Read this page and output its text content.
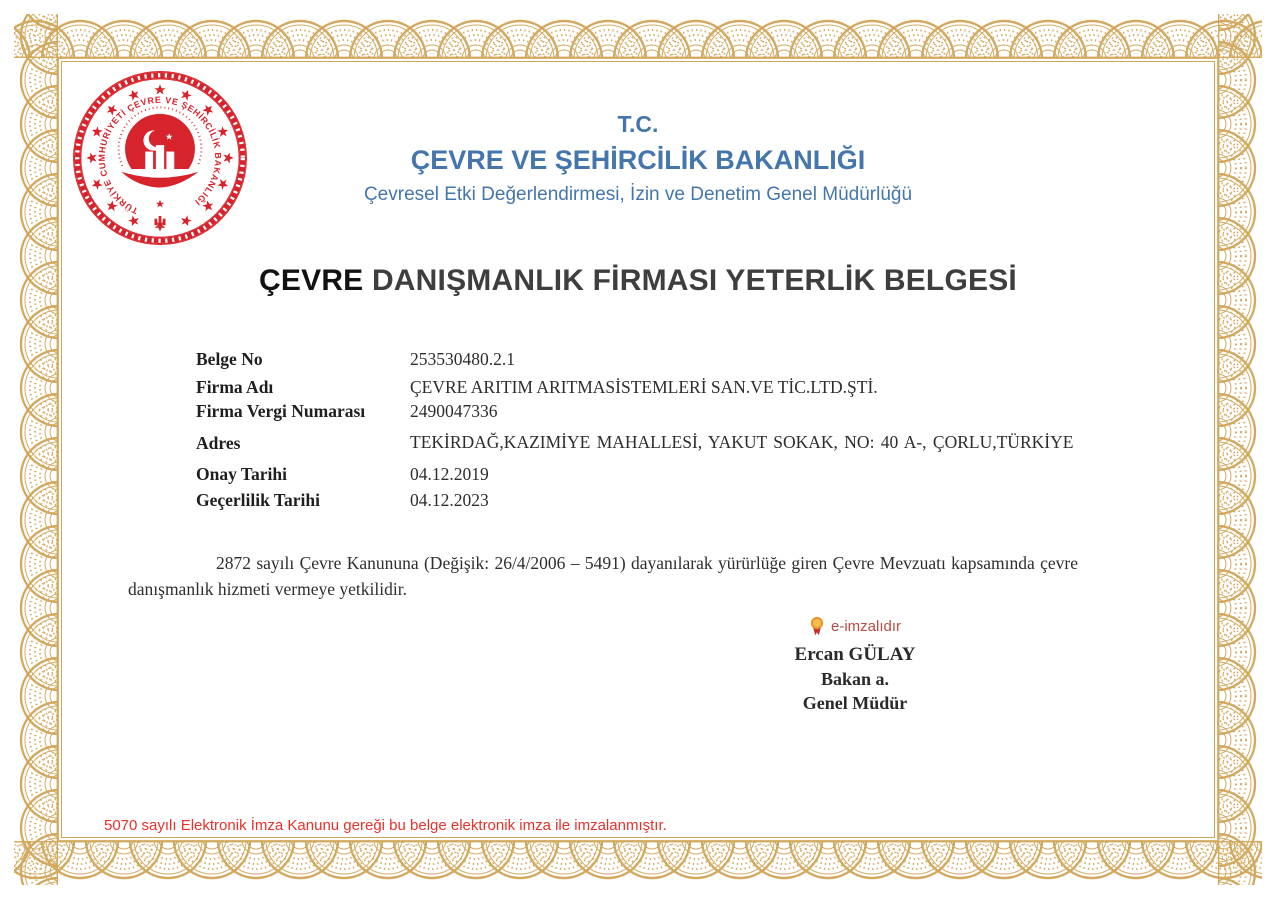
TÜRKİYE CUMHURİYETİ ÇEVRE VE ŞEHİRCİLİK BAKANLIĞI
T.C.
ÇEVRE VE ŞEHİRCİLİK BAKANLIĞI
Çevresel Etki Değerlendirmesi, İzin ve Denetim Genel Müdürlüğü
ÇEVRE DANIŞMANLIK FİRMASI YETERLİK BELGESİ
Belge No	253530480.2.1
Firma Adı	ÇEVRE ARITIM ARITMASİSTEMLERİ SAN.VE TİC.LTD.ŞTİ.
Firma Vergi Numarası	2490047336
Adres	TEKİRDAĞ,KAZIMİYE MAHALLESİ, YAKUT SOKAK, NO: 40 A-, ÇORLU,TÜRKİYE
Onay Tarihi	04.12.2019
Geçerlilik Tarihi	04.12.2023

2872 sayılı Çevre Kanununa (Değişik: 26/4/2006 – 5491) dayanılarak yürürlüğe giren Çevre Mevzuatı kapsamında çevre danışmanlık hizmeti vermeye yetkilidir.

e-imzalıdır
Ercan GÜLAY
Bakan a.
Genel Müdür
5070 sayılı Elektronik İmza Kanunu gereği bu belge elektronik imza ile imzalanmıştır.
